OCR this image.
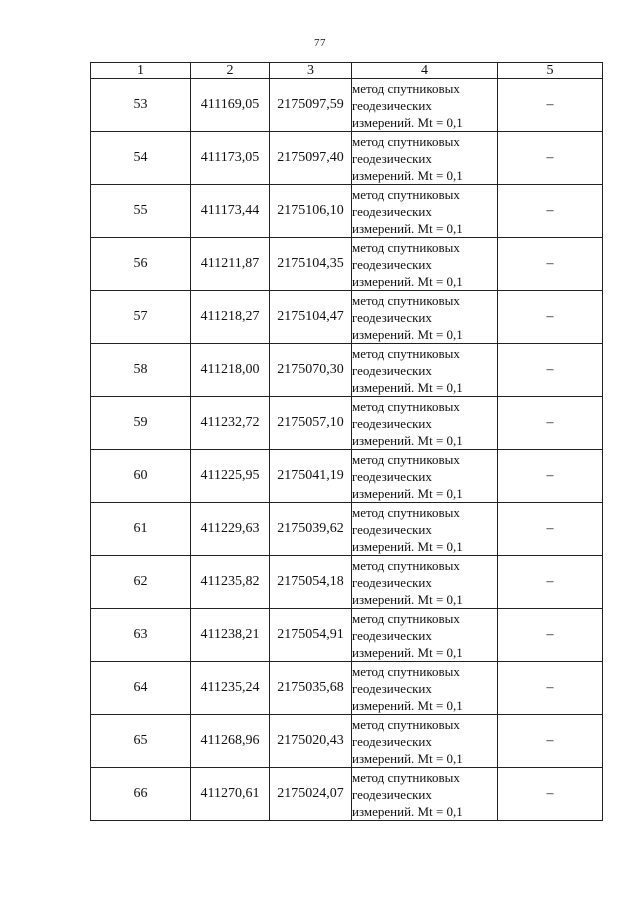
77
1	2	3	4	5
53	411169,05	2175097,59	метод спутниковых
геодезических
измерений. Mt = 0,1	–
54	411173,05	2175097,40	метод спутниковых
геодезических
измерений. Mt = 0,1	–
55	411173,44	2175106,10	метод спутниковых
геодезических
измерений. Mt = 0,1	–
56	411211,87	2175104,35	метод спутниковых
геодезических
измерений. Mt = 0,1	–
57	411218,27	2175104,47	метод спутниковых
геодезических
измерений. Mt = 0,1	–
58	411218,00	2175070,30	метод спутниковых
геодезических
измерений. Mt = 0,1	–
59	411232,72	2175057,10	метод спутниковых
геодезических
измерений. Mt = 0,1	–
60	411225,95	2175041,19	метод спутниковых
геодезических
измерений. Mt = 0,1	–
61	411229,63	2175039,62	метод спутниковых
геодезических
измерений. Mt = 0,1	–
62	411235,82	2175054,18	метод спутниковых
геодезических
измерений. Mt = 0,1	–
63	411238,21	2175054,91	метод спутниковых
геодезических
измерений. Mt = 0,1	–
64	411235,24	2175035,68	метод спутниковых
геодезических
измерений. Mt = 0,1	–
65	411268,96	2175020,43	метод спутниковых
геодезических
измерений. Mt = 0,1	–
66	411270,61	2175024,07	метод спутниковых
геодезических
измерений. Mt = 0,1	–
